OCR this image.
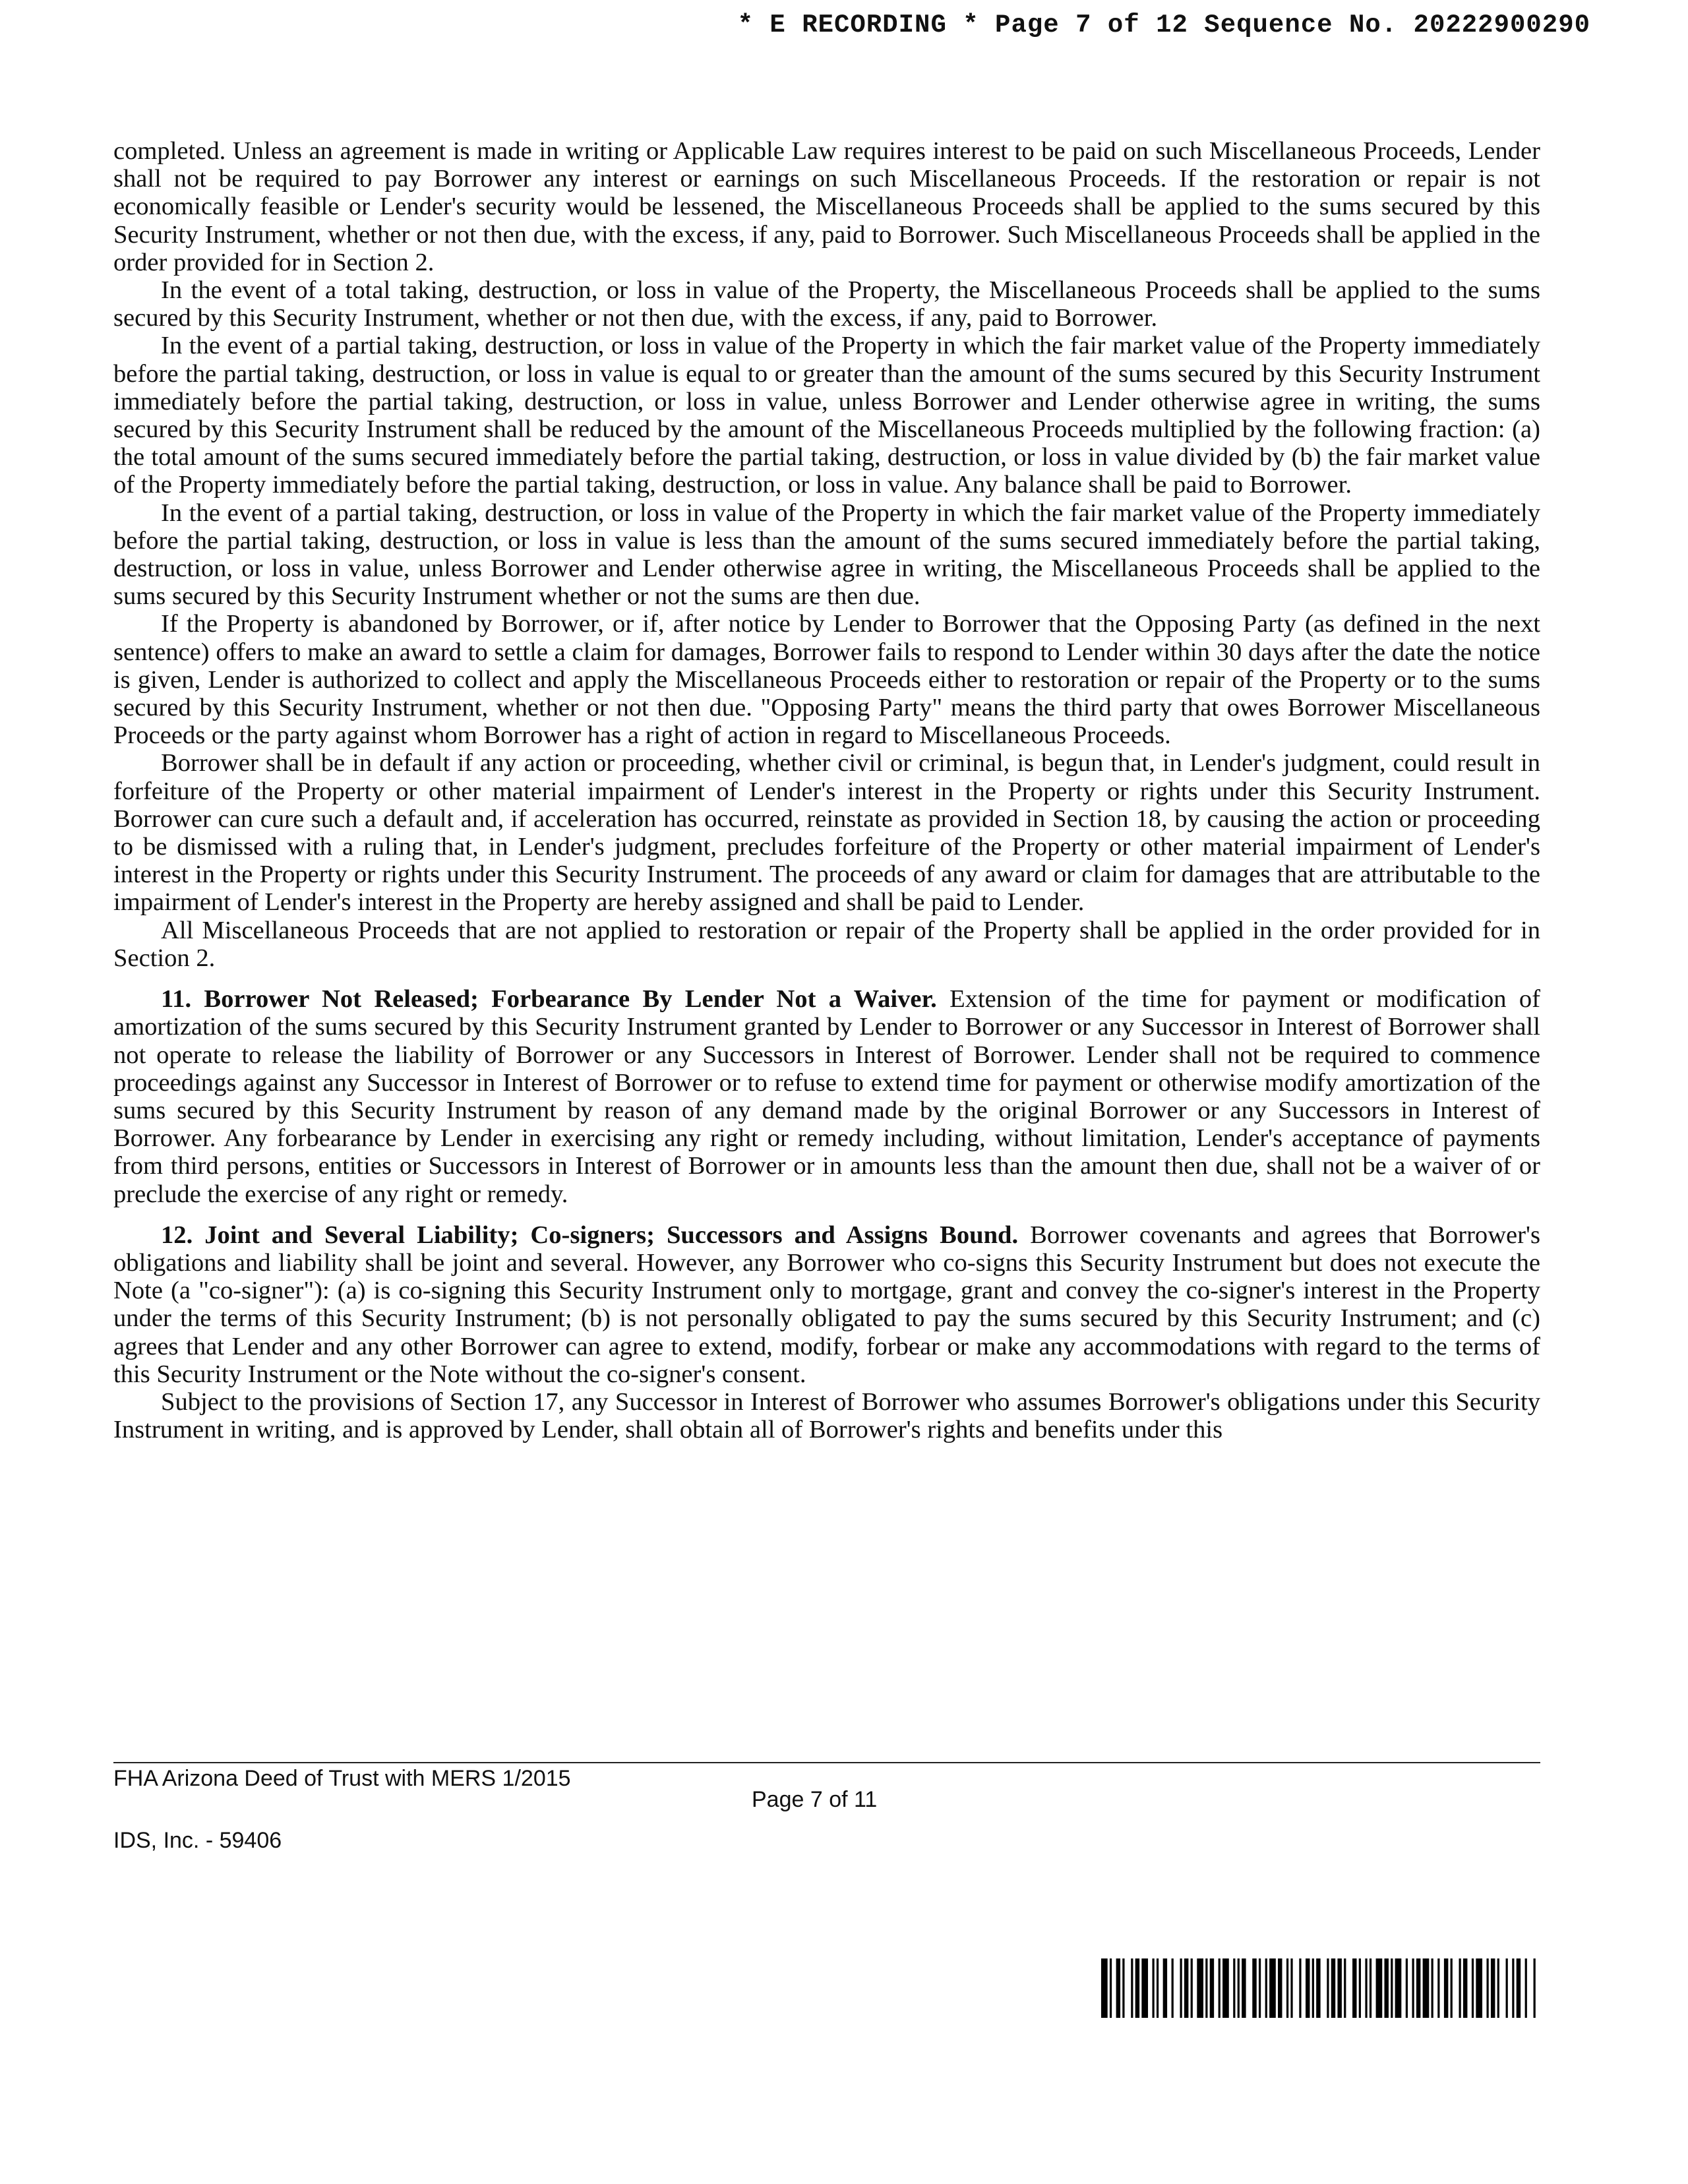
* E RECORDING * Page 7 of 12 Sequence No. 20222900290

completed. Unless an agreement is made in writing or Applicable Law requires interest to be paid on such Miscellaneous Proceeds, Lender shall not be required to pay Borrower any interest or earnings on such Miscellaneous Proceeds. If the restoration or repair is not economically feasible or Lender's security would be lessened, the Miscellaneous Proceeds shall be applied to the sums secured by this Security Instrument, whether or not then due, with the excess, if any, paid to Borrower. Such Miscellaneous Proceeds shall be applied in the order provided for in Section 2.

In the event of a total taking, destruction, or loss in value of the Property, the Miscellaneous Proceeds shall be applied to the sums secured by this Security Instrument, whether or not then due, with the excess, if any, paid to Borrower.

In the event of a partial taking, destruction, or loss in value of the Property in which the fair market value of the Property immediately before the partial taking, destruction, or loss in value is equal to or greater than the amount of the sums secured by this Security Instrument immediately before the partial taking, destruction, or loss in value, unless Borrower and Lender otherwise agree in writing, the sums secured by this Security Instrument shall be reduced by the amount of the Miscellaneous Proceeds multiplied by the following fraction: (a) the total amount of the sums secured immediately before the partial taking, destruction, or loss in value divided by (b) the fair market value of the Property immediately before the partial taking, destruction, or loss in value. Any balance shall be paid to Borrower.

In the event of a partial taking, destruction, or loss in value of the Property in which the fair market value of the Property immediately before the partial taking, destruction, or loss in value is less than the amount of the sums secured immediately before the partial taking, destruction, or loss in value, unless Borrower and Lender otherwise agree in writing, the Miscellaneous Proceeds shall be applied to the sums secured by this Security Instrument whether or not the sums are then due.

If the Property is abandoned by Borrower, or if, after notice by Lender to Borrower that the Opposing Party (as defined in the next sentence) offers to make an award to settle a claim for damages, Borrower fails to respond to Lender within 30 days after the date the notice is given, Lender is authorized to collect and apply the Miscellaneous Proceeds either to restoration or repair of the Property or to the sums secured by this Security Instrument, whether or not then due. "Opposing Party" means the third party that owes Borrower Miscellaneous Proceeds or the party against whom Borrower has a right of action in regard to Miscellaneous Proceeds.

Borrower shall be in default if any action or proceeding, whether civil or criminal, is begun that, in Lender's judgment, could result in forfeiture of the Property or other material impairment of Lender's interest in the Property or rights under this Security Instrument. Borrower can cure such a default and, if acceleration has occurred, reinstate as provided in Section 18, by causing the action or proceeding to be dismissed with a ruling that, in Lender's judgment, precludes forfeiture of the Property or other material impairment of Lender's interest in the Property or rights under this Security Instrument. The proceeds of any award or claim for damages that are attributable to the impairment of Lender's interest in the Property are hereby assigned and shall be paid to Lender.

All Miscellaneous Proceeds that are not applied to restoration or repair of the Property shall be applied in the order provided for in Section 2.

11. Borrower Not Released; Forbearance By Lender Not a Waiver. Extension of the time for payment or modification of amortization of the sums secured by this Security Instrument granted by Lender to Borrower or any Successor in Interest of Borrower shall not operate to release the liability of Borrower or any Successors in Interest of Borrower. Lender shall not be required to commence proceedings against any Successor in Interest of Borrower or to refuse to extend time for payment or otherwise modify amortization of the sums secured by this Security Instrument by reason of any demand made by the original Borrower or any Successors in Interest of Borrower. Any forbearance by Lender in exercising any right or remedy including, without limitation, Lender's acceptance of payments from third persons, entities or Successors in Interest of Borrower or in amounts less than the amount then due, shall not be a waiver of or preclude the exercise of any right or remedy.

12. Joint and Several Liability; Co-signers; Successors and Assigns Bound. Borrower covenants and agrees that Borrower's obligations and liability shall be joint and several. However, any Borrower who co-signs this Security Instrument but does not execute the Note (a "co-signer"): (a) is co-signing this Security Instrument only to mortgage, grant and convey the co-signer's interest in the Property under the terms of this Security Instrument; (b) is not personally obligated to pay the sums secured by this Security Instrument; and (c) agrees that Lender and any other Borrower can agree to extend, modify, forbear or make any accommodations with regard to the terms of this Security Instrument or the Note without the co-signer's consent.

Subject to the provisions of Section 17, any Successor in Interest of Borrower who assumes Borrower's obligations under this Security Instrument in writing, and is approved by Lender, shall obtain all of Borrower's rights and benefits under this

FHA Arizona Deed of Trust with MERS 1/2015
Page 7 of 11
IDS, Inc. - 59406
